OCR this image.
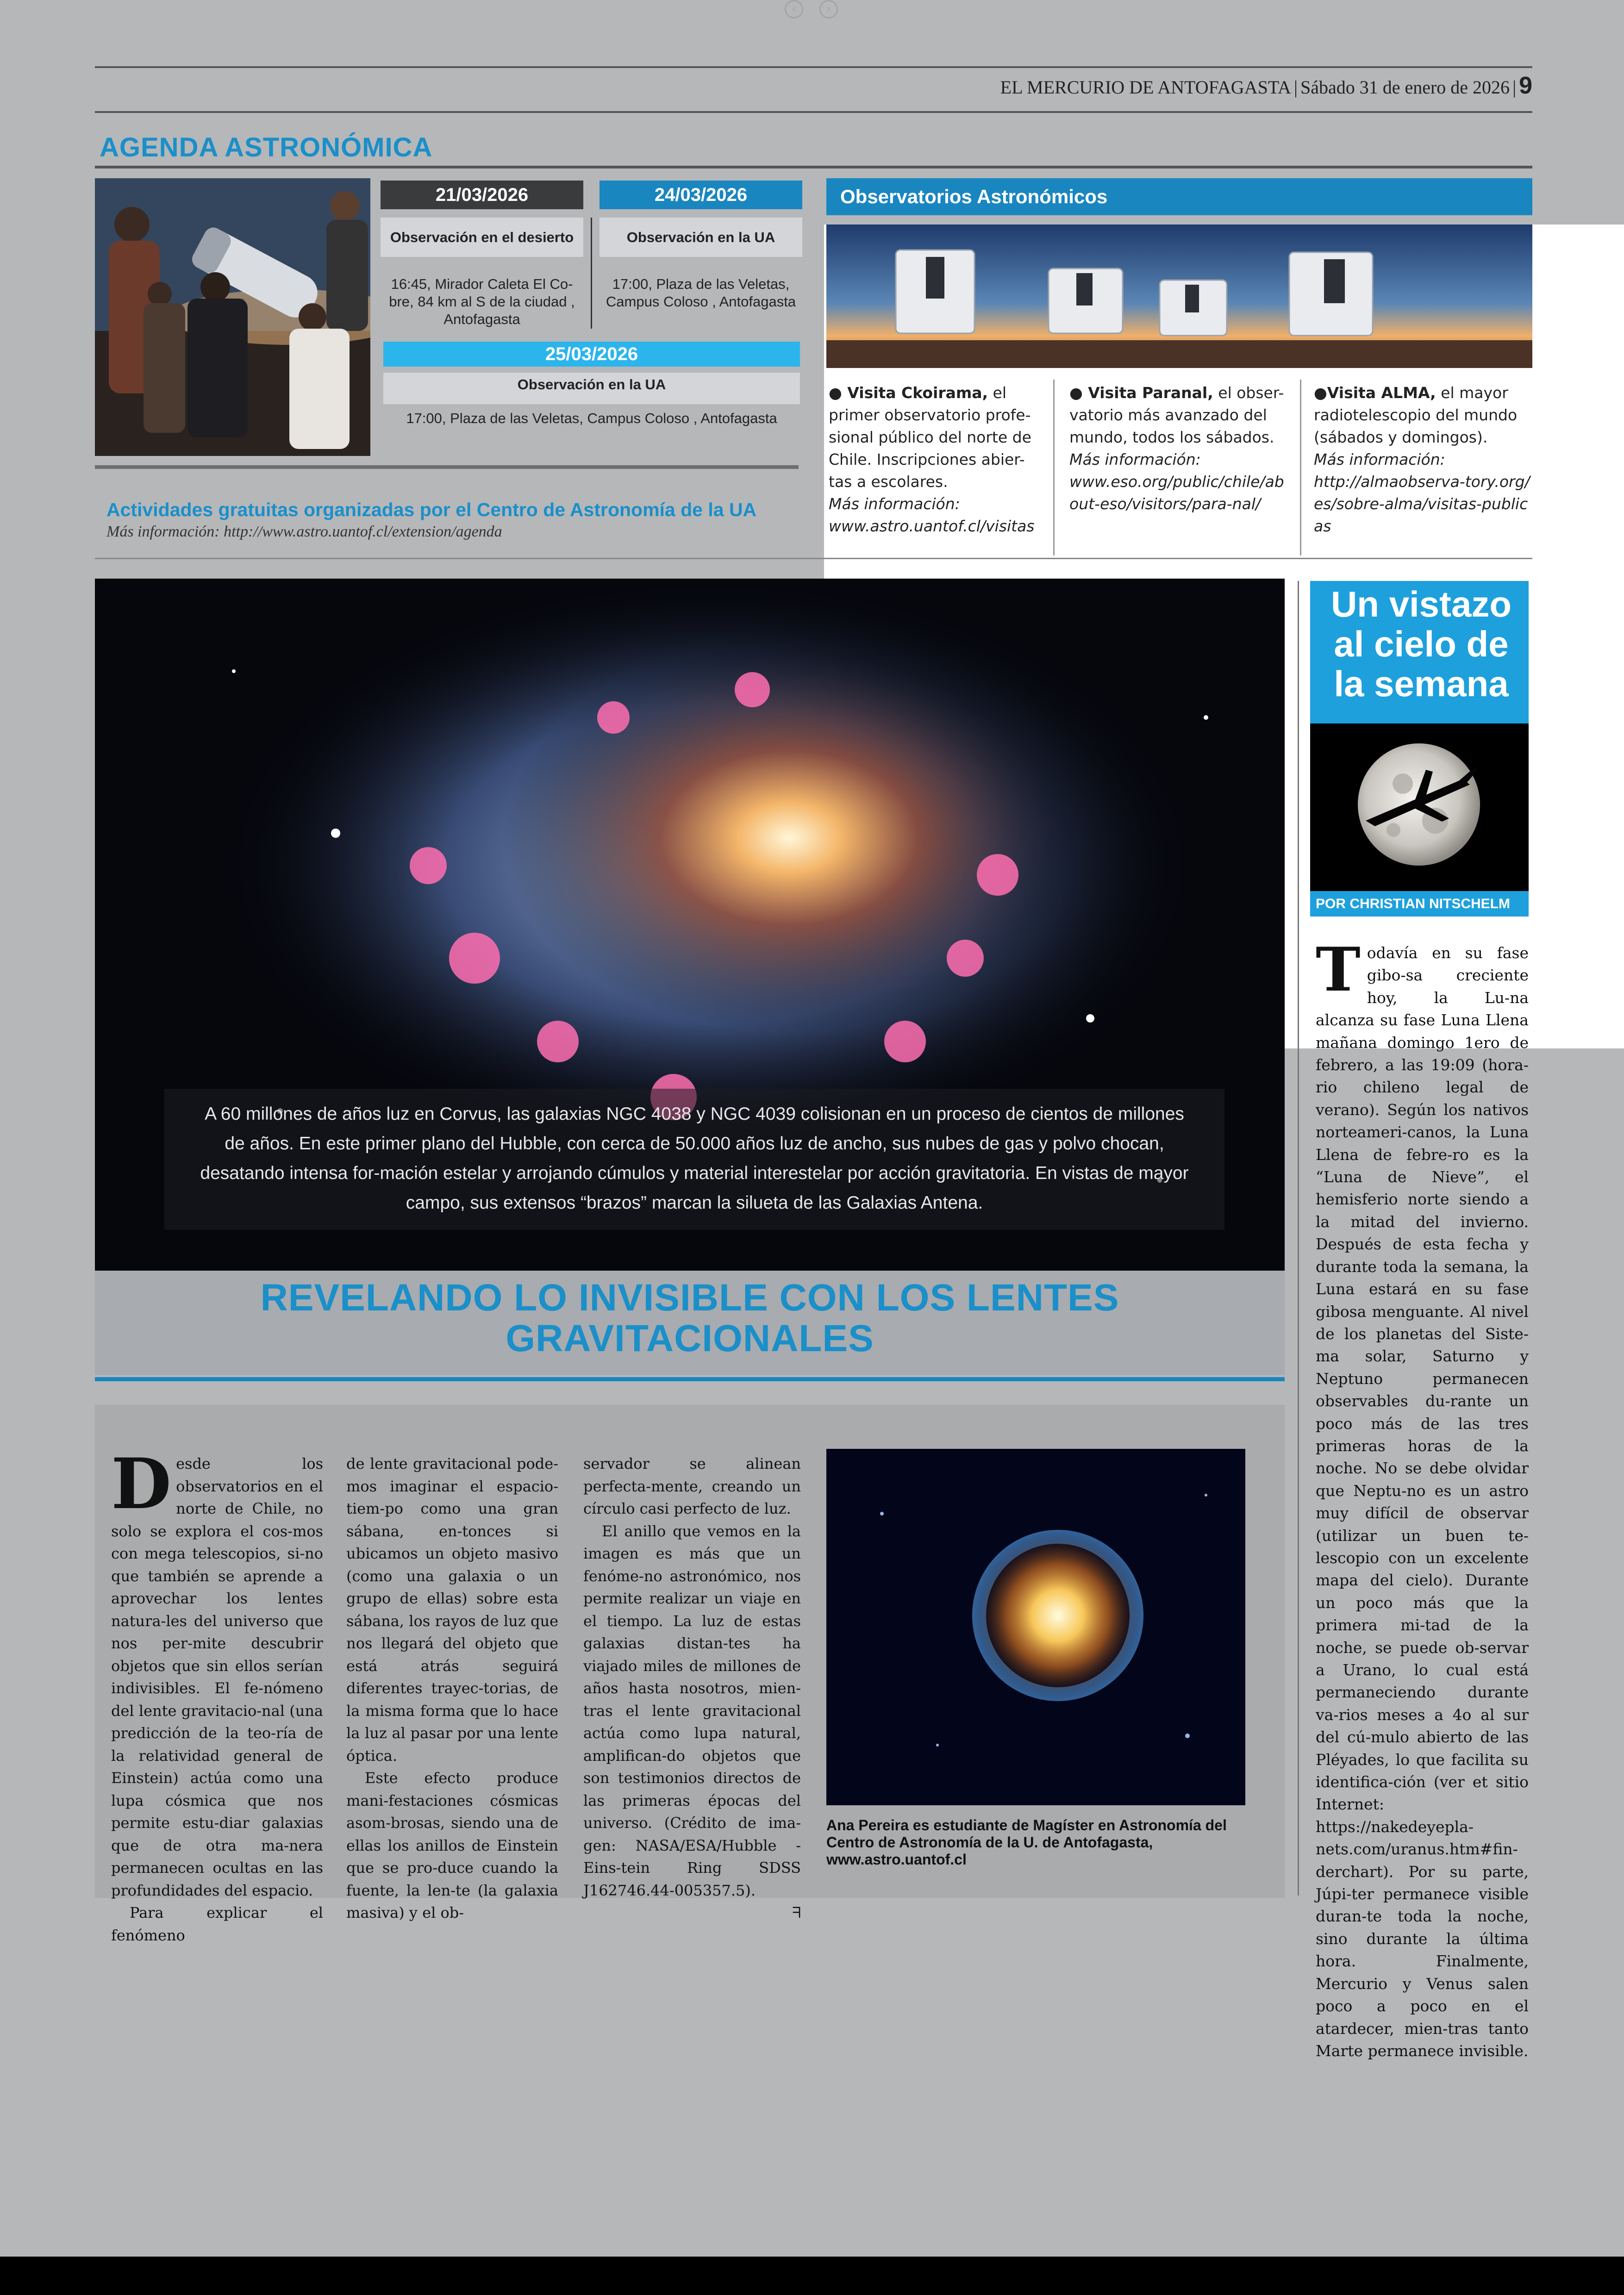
‹	›
EL MERCURIO DE ANTOFAGASTA | Sábado 31 de enero de 2026 | 9
AGENDA ASTRONÓMICA
21/03/2026	24/03/2026
Observación en el desierto	Observación en la UA
16:45, Mirador Caleta El Co-
bre, 84 km al S de la ciudad ,
Antofagasta
17:00, Plaza de las Veletas,
Campus Coloso , Antofagasta
25/03/2026
Observación en la UA
17:00, Plaza de las Veletas, Campus Coloso , Antofagasta
Observatorios Astronómicos
● Visita Ckoirama, el primer observatorio profe-sional público del norte de Chile. Inscripciones abier-tas a escolares.
Más información:
www.astro.uantof.cl/visitas
● Visita Paranal, el obser-vatorio más avanzado del mundo, todos los sábados.
Más información:
www.eso.org/public/chile/about-eso/visitors/para-nal/
●Visita ALMA, el mayor radiotelescopio del mundo (sábados y domingos).
Más información:
http://almaobserva-tory.org/es/sobre-alma/visitas-publicas
Actividades gratuitas organizadas por el Centro de Astronomía de la UA
Más información: http://www.astro.uantof.cl/extension/agenda
A 60 millones de años luz en Corvus, las galaxias NGC 4038 y NGC 4039 colisionan en un proceso de cientos de millones de años. En este primer plano del Hubble, con cerca de 50.000 años luz de ancho, sus nubes de gas y polvo chocan, desatando intensa for-mación estelar y arrojando cúmulos y material interestelar por acción gravitatoria. En vistas de mayor campo, sus extensos “brazos” marcan la silueta de las Galaxias Antena.
REVELANDO LO INVISIBLE CON LOS LENTES
GRAVITACIONALES

Desde los observatorios en el norte de Chile, no solo se explora el cos-mos con mega telescopios, si-no que también se aprende a aprovechar los lentes natura-les del universo que nos per-mite descubrir objetos que sin ellos serían indivisibles. El fe-nómeno del lente gravitacio-nal (una predicción de la teo-ría de la relatividad general de Einstein) actúa como una lupa cósmica que nos permite estu-diar galaxias que de otra ma-nera permanecen ocultas en las profundidades del espacio.

Para explicar el fenómeno

de lente gravitacional pode-mos imaginar el espacio-tiem-po como una gran sábana, en-tonces si ubicamos un objeto masivo (como una galaxia o un grupo de ellas) sobre esta sábana, los rayos de luz que nos llegará del objeto que está atrás seguirá diferentes trayec-torias, de la misma forma que lo hace la luz al pasar por una lente óptica.

Este efecto produce mani-festaciones cósmicas asom-brosas, siendo una de ellas los anillos de Einstein que se pro-duce cuando la fuente, la len-te (la galaxia masiva) y el ob-

servador se alinean perfecta-mente, creando un círculo casi perfecto de luz.

El anillo que vemos en la imagen es más que un fenóme-no astronómico, nos permite realizar un viaje en el tiempo. La luz de estas galaxias distan-tes ha viajado miles de millones de años hasta nosotros, mien-tras el lente gravitacional actúa como lupa natural, amplifican-do objetos que son testimonios directos de las primeras épocas del universo. (Crédito de ima-gen: NASA/ESA/Hubble - Eins-tein Ring SDSS J162746.44-005357.5).

ᖷ
Ana Pereira es estudiante de Magíster en Astronomía del Centro de Astronomía de la U. de Antofagasta, www.astro.uantof.cl
Un vistazo
al cielo de
la semana
POR CHRISTIAN NITSCHELM

Todavía en su fase gibo-sa creciente hoy, la Lu-na alcanza su fase Luna Llena mañana domingo 1ero de febrero, a las 19:09 (hora-rio chileno legal de verano). Según los nativos norteameri-canos, la Luna Llena de febre-ro es la “Luna de Nieve”, el hemisferio norte siendo a la mitad del invierno. Después de esta fecha y durante toda la semana, la Luna estará en su fase gibosa menguante. Al nivel de los planetas del Siste-ma solar, Saturno y Neptuno permanecen observables du-rante un poco más de las tres primeras horas de la noche. No se debe olvidar que Neptu-no es un astro muy difícil de observar (utilizar un buen te-lescopio con un excelente mapa del cielo). Durante un poco más que la primera mi-tad de la noche, se puede ob-servar a Urano, lo cual está permaneciendo durante va-rios meses a 4o al sur del cú-mulo abierto de las Pléyades, lo que facilita su identifica-ción (ver et sitio Internet: https://nakedeyepla-nets.com/uranus.htm#fin-derchart). Por su parte, Júpi-ter permanece visible duran-te toda la noche, sino durante la última hora. Finalmente, Mercurio y Venus salen poco a poco en el atardecer, mien-tras tanto Marte permanece invisible.
